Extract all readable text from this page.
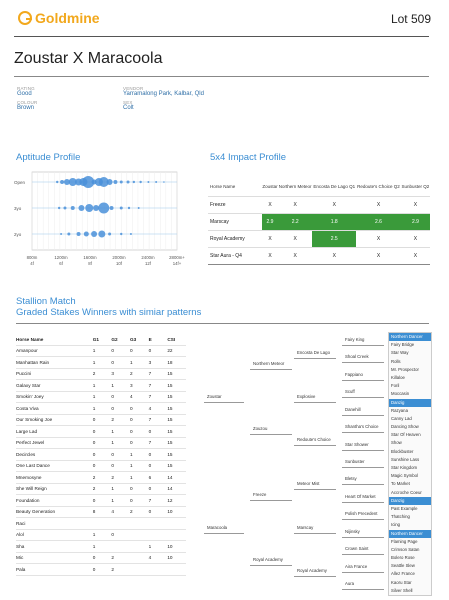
Goldmine	Lot 509
Zoustar X Maracoola
RATING
Good
COLOUR
Brown
VENDOR
Yarramalong Park, Kalbar, Qld
SEX
Colt
Aptitude Profile
Open
3yo
2yo
800m
4f
1200m
6f
1600m
8f
2000m
10f
2400m
12f
2800m+
14f+
5x4 Impact Profile
Horse Name	Zoustar	Northern Meteor	Encosta De Lago Q1	Redoute's Choice Q2	Sunbuster Q2
Freeze	X	X	X	X	X
Marscay	2.9	2.2	1.8	2.6	2.9
Royal Academy	X	X	2.5	X	X
Star Aura - Q4	X	X	X	X	X
Stallion Match
Graded Stakes Winners with simiar patterns
Horse Name	G1	G2	G3	E	CSI
Amanpour	1	0	0	0	22
Manhattan Rain	1	0	1	3	18
Puccini	2	3	2	7	15
Galaxy Star	1	1	3	7	15
Smokin' Joey	1	0	4	7	15
Costa Viva	1	0	0	4	15
Our Smoking Joe	0	2	0	7	15
Large Lad	0	1	0	0	15
Perfect Jewel	0	1	0	7	15
Decircles	0	0	1	0	15
One Last Dance	0	0	1	0	15
Mnemosyne	2	2	1	6	14
She Will Reign	2	1	0	0	14
Foundation	0	1	0	7	12
Beauty Generation	8	4	2	0	10
Raci					
Alol	1	0			
Sha	1			1	10
Mic	0	2		4	10
Pala	0	2			
Zoustar
Maracoola
Northern Meteor
Zouzou
Freeze
Royal Academy
Encosta De Lago
Explosive
Redoute's Choice
Meteor Mist
Marscay
Royal Academy
Fairy King
Shoal Creek
Fappiano
Scuff
Danehill
Shantha's Choice
Star Shower
Sunbuster
Bletsy
Heart Of Market
Polish Precedent
Nijinsky
Crown Saint
Aira France
Aura
Northern Dancer
Fairy Bridge
Star Way
Rolls
Mr. Prospector
Killaloe
Foril
Moccasin
Danzig
Razyana
Canny Lad
Dancing Show
Star Of Heaven
Show
Blockbuster
Sunshine Lass
Star Kingdom
Magic Symbol
To Market
Accroche Coeur
Danzig
Past Example
Thatching
Icing
Northern Dancer
Flaming Page
Crimson Satan
Bolero Rose
Seattle Slew
Allez France
Kaoru Star
Silver Shell
